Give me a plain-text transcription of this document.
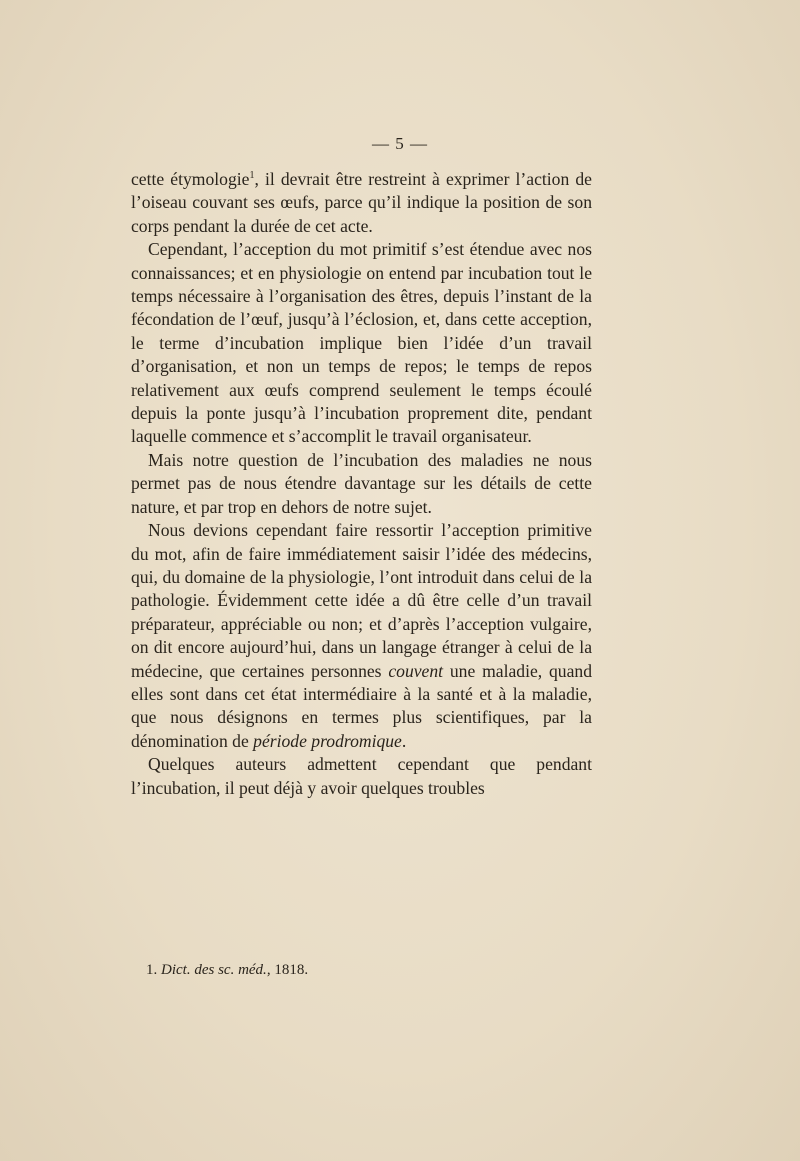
— 5 —

cette étymologie$^1$, il devrait être restreint à exprimer l’action de l’oiseau couvant ses œufs, parce qu’il indique la position de son corps pendant la durée de cet acte.

Cependant, l’acception du mot primitif s’est étendue avec nos connaissances; et en physiologie on entend par incubation tout le temps nécessaire à l’organisation des êtres, depuis l’instant de la fécondation de l’œuf, jusqu’à l’éclosion, et, dans cette acception, le terme d’incubation implique bien l’idée d’un travail d’organisation, et non un temps de repos; le temps de repos relativement aux œufs comprend seulement le temps écoulé depuis la ponte jusqu’à l’incubation proprement dite, pendant laquelle commence et s’accomplit le travail organisateur.

Mais notre question de l’incubation des maladies ne nous permet pas de nous étendre davantage sur les détails de cette nature, et par trop en dehors de notre sujet.

Nous devions cependant faire ressortir l’acception primitive du mot, afin de faire immédiatement saisir l’idée des médecins, qui, du domaine de la physiologie, l’ont introduit dans celui de la pathologie. Évidemment cette idée a dû être celle d’un travail préparateur, appréciable ou non; et d’après l’acception vulgaire, on dit encore aujourd’hui, dans un langage étranger à celui de la médecine, que certaines personnes couvent une maladie, quand elles sont dans cet état intermédiaire à la santé et à la maladie, que nous désignons en termes plus scientifiques, par la dénomination de période prodromique.

Quelques auteurs admettent cependant que pendant l’incubation, il peut déjà y avoir quelques troubles

1. Dict. des sc. méd., 1818.
